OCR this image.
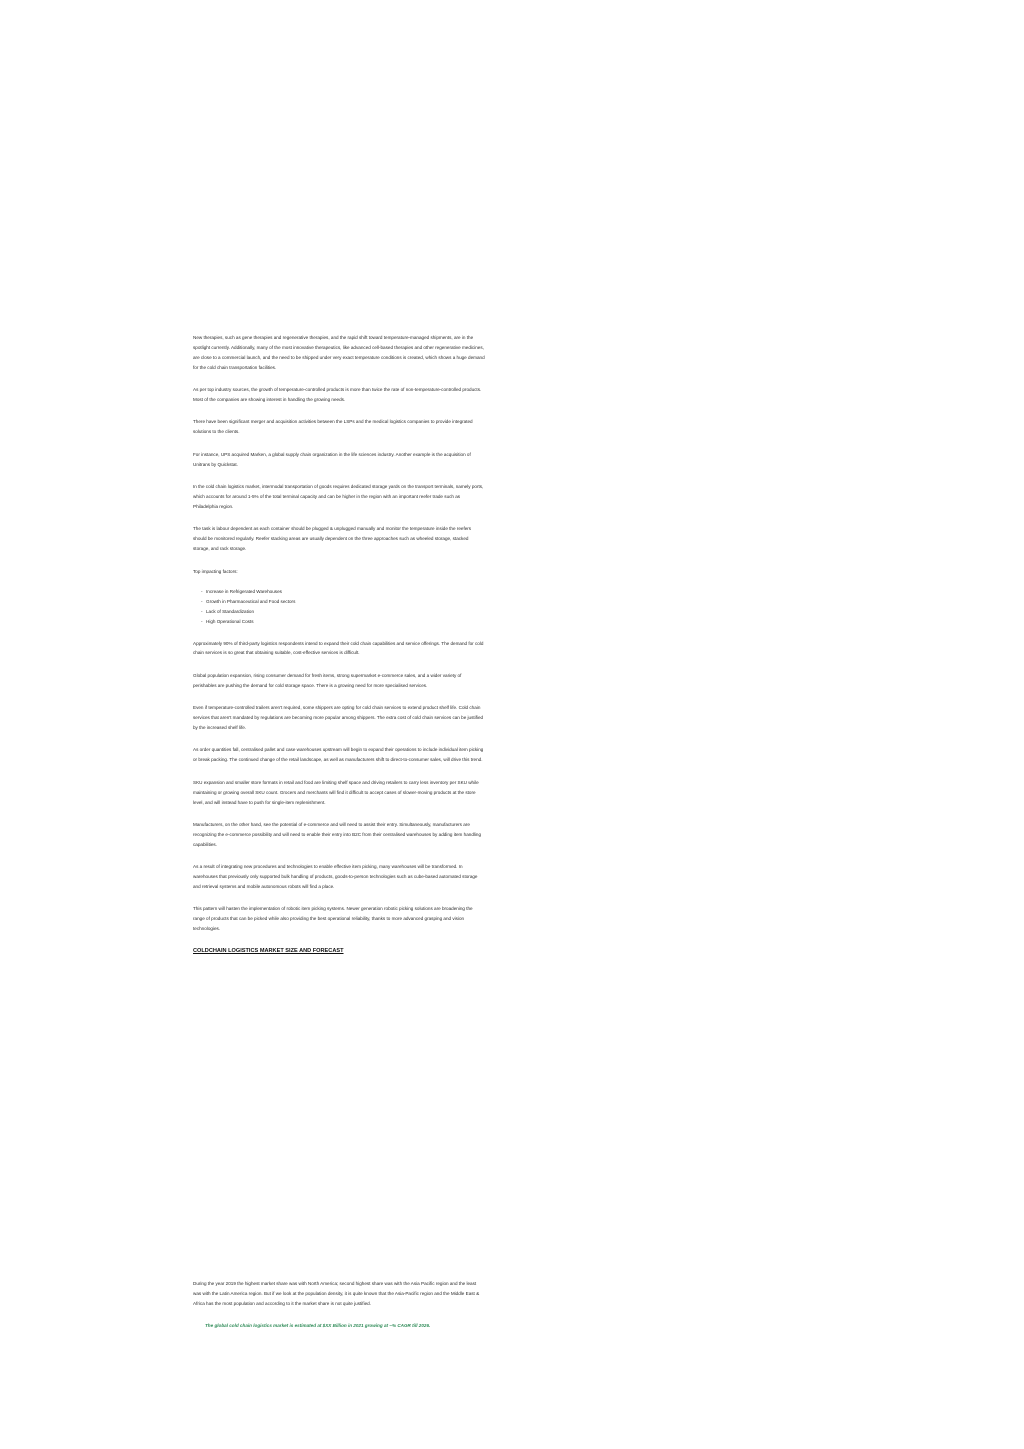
New therapies, such as gene therapies and regenerative therapies, and the rapid shift toward temperature-managed shipments, are in the spotlight currently. Additionally, many of the most innovative therapeutics, like advanced cell-based therapies and other regenerative medicines, are close to a commercial launch, and the need to be shipped under very exact temperature conditions is created, which shows a huge demand for the cold chain transportation facilities.

As per top industry sources, the growth of temperature-controlled products is more than twice the rate of non-temperature-controlled products. Most of the companies are showing interest in handling the growing needs.

There have been significant merger and acquisition activities between the LSPs and the medical logistics companies to provide integrated solutions to the clients.

For instance, UPS acquired Marken, a global supply chain organization in the life sciences industry. Another example is the acquisition of Unitrans by Quickstat.

In the cold chain logistics market, intermodal transportation of goods requires dedicated storage yards on the transport terminals, namely ports, which accounts for around 1-5% of the total terminal capacity and can be higher in the region with an important reefer trade such as Philadelphia region.

The task is labour dependent as each container should be plugged & unplugged manually and monitor the temperature inside the reefers should be monitored regularly. Reefer stacking areas are usually dependent on the three approaches such as wheeled storage, stacked storage, and rack storage.

Top impacting factors:

- Increase in Refrigerated Warehouses
- Growth in Pharmaceutical and Food sectors
- Lack of Standardization
- High Operational Costs

Approximately 90% of third-party logistics respondents intend to expand their cold chain capabilities and service offerings. The demand for cold chain services is so great that obtaining suitable, cost-effective services is difficult.

Global population expansion, rising consumer demand for fresh items, strong supermarket e-commerce sales, and a wider variety of perishables are pushing the demand for cold storage space. There is a growing need for more specialised services.

Even if temperature-controlled trailers aren't required, some shippers are opting for cold chain services to extend product shelf life. Cold chain services that aren't mandated by regulations are becoming more popular among shippers. The extra cost of cold chain services can be justified by the increased shelf life.

As order quantities fall, centralised pallet and case warehouses upstream will begin to expand their operations to include individual item picking or break packing. The continued change of the retail landscape, as well as manufacturers shift to direct-to-consumer sales, will drive this trend.

SKU expansion and smaller store formats in retail and food are limiting shelf space and driving retailers to carry less inventory per SKU while maintaining or growing overall SKU count. Grocers and merchants will find it difficult to accept cases of slower-moving products at the store level, and will instead have to push for single-item replenishment.

Manufacturers, on the other hand, see the potential of e-commerce and will need to assist their entry. Simultaneously, manufacturers are recognizing the e-commerce possibility and will need to enable their entry into B2C from their centralised warehouses by adding item handling capabilities.

As a result of integrating new procedures and technologies to enable effective item picking, many warehouses will be transformed. In warehouses that previously only supported bulk handling of products, goods-to-person technologies such as cube-based automated storage and retrieval systems and mobile autonomous robots will find a place.

This pattern will hasten the implementation of robotic item picking systems. Newer generation robotic picking solutions are broadening the range of products that can be picked while also providing the best operational reliability, thanks to more advanced grasping and vision technologies.

COLDCHAIN LOGISTICS MARKET SIZE AND FORECAST

During the year 2019 the highest market share was with North America; second highest share was with the Asia Pacific region and the least was with the Latin America region. But if we look at the population density, it is quite known that the Asia-Pacific region and the Middle East & Africa has the most population and according to it the market share is not quite justified.

The global cold chain logistics market is estimated at $XX Billion in 2021 growing at ~% CAGR till 2026.
